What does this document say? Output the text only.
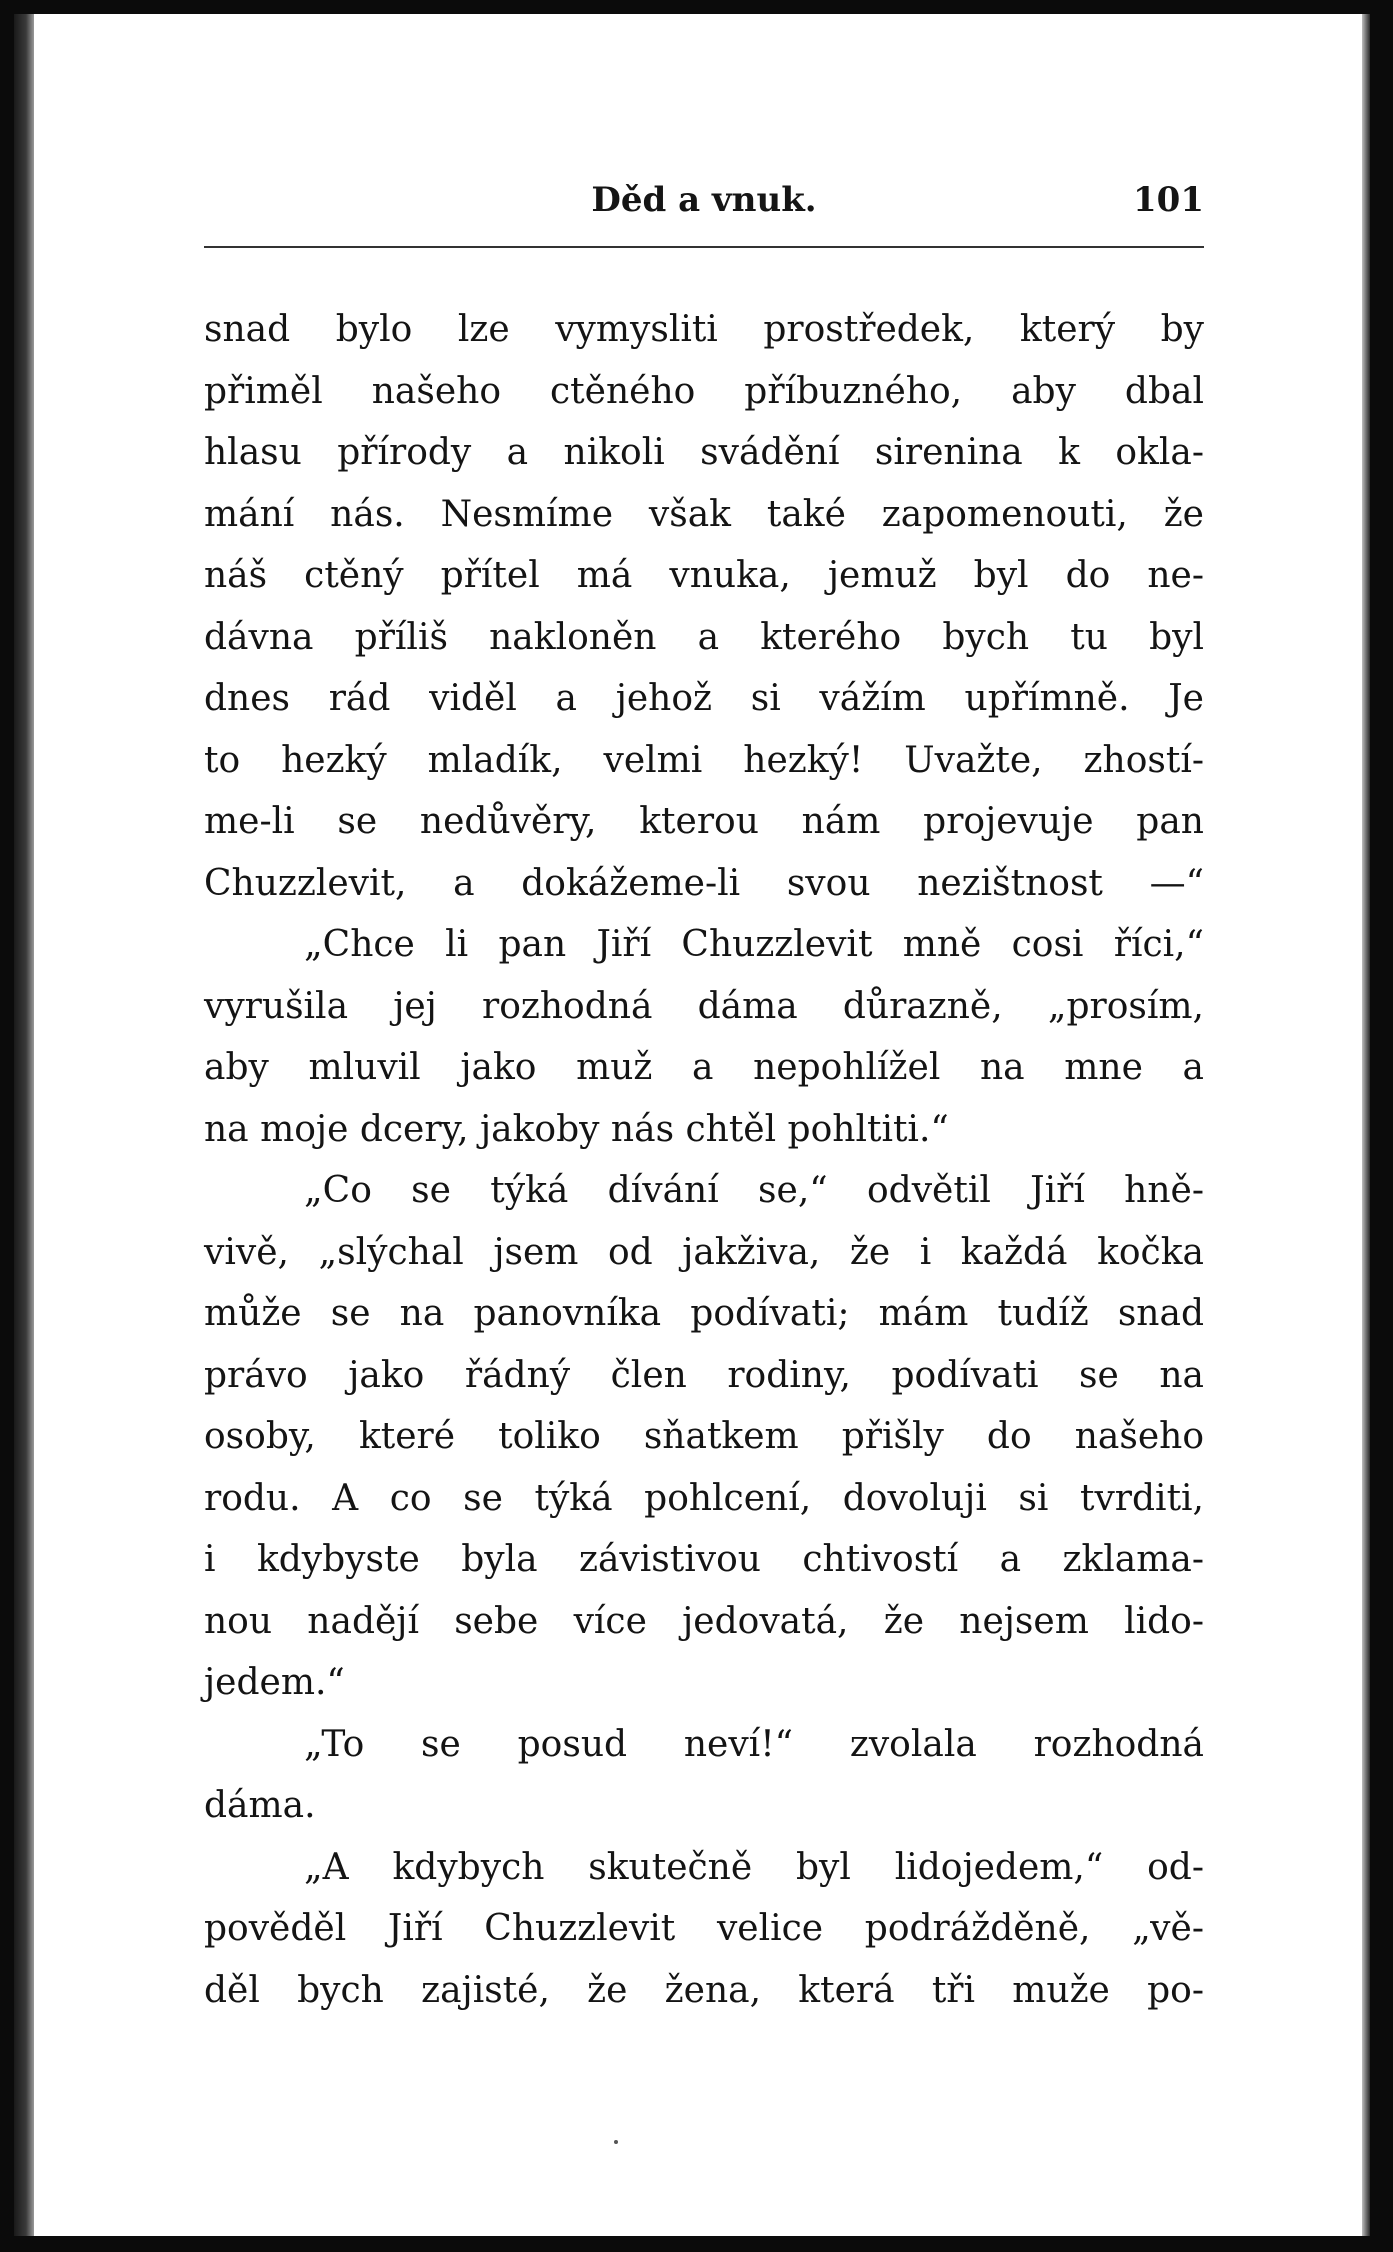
Děd a vnuk.	101
snad bylo lze vymysliti prostředek, který by
přiměl našeho ctěného příbuzného, aby dbal
hlasu přírody a nikoli svádění sirenina k okla-
mání nás. Nesmíme však také zapomenouti, že
náš ctěný přítel má vnuka, jemuž byl do ne-
dávna příliš nakloněn a kterého bych tu byl
dnes rád viděl a jehož si vážím upřímně. Je
to hezký mladík, velmi hezký! Uvažte, zhostí-
me-li se nedůvěry, kterou nám projevuje pan
Chuzzlevit, a dokážeme-li svou nezištnost —“
„Chce li pan Jiří Chuzzlevit mně cosi říci,“
vyrušila jej rozhodná dáma důrazně, „prosím,
aby mluvil jako muž a nepohlížel na mne a
na moje dcery, jakoby nás chtěl pohltiti.“
„Co se týká dívání se,“ odvětil Jiří hně-
vivě, „slýchal jsem od jakživa, že i každá kočka
může se na panovníka podívati; mám tudíž snad
právo jako řádný člen rodiny, podívati se na
osoby, které toliko sňatkem přišly do našeho
rodu. A co se týká pohlcení, dovoluji si tvrditi,
i kdybyste byla závistivou chtivostí a zklama-
nou nadějí sebe více jedovatá, že nejsem lido-
jedem.“
„To se posud neví!“ zvolala rozhodná
dáma.
„A kdybych skutečně byl lidojedem,“ od-
pověděl Jiří Chuzzlevit velice podrážděně, „vě-
děl bych zajisté, že žena, která tři muže po-
